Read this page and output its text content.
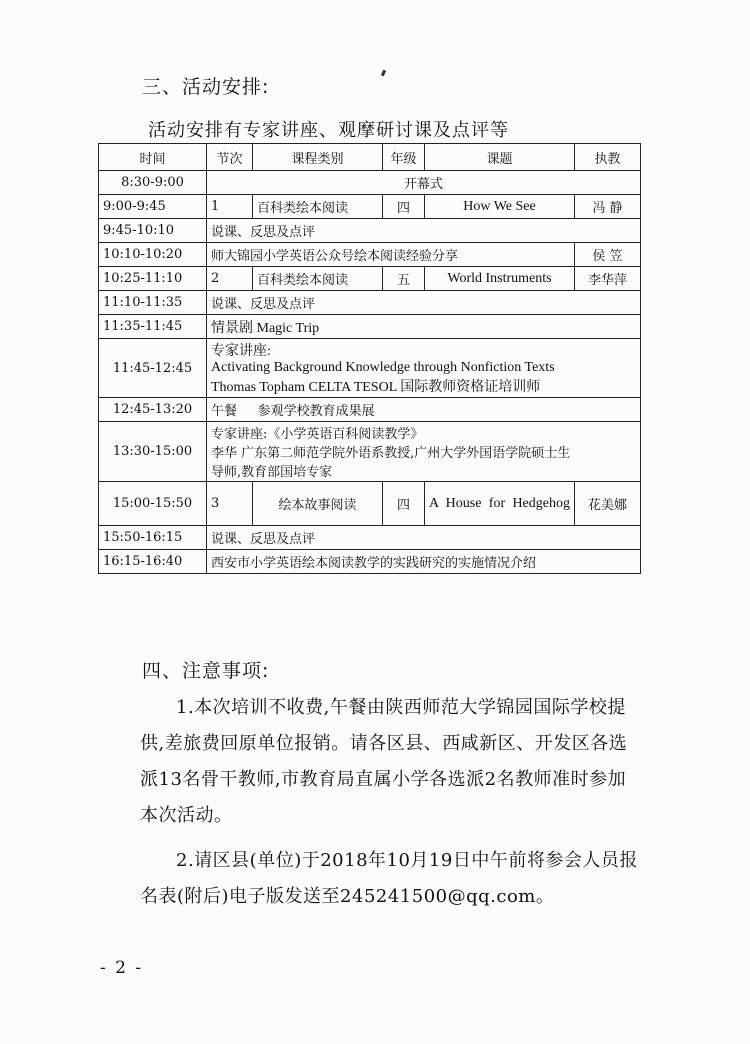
三、活动安排:
活动安排有专家讲座、观摩研讨课及点评等
时间	节次	课程类别	年级	课题	执教
8:30-9:00	开幕式				
9:00-9:45	1	百科类绘本阅读	四	How We See	冯 静
9:45-10:10	说课、反思及点评				
10:10-10:20	师大锦园小学英语公众号绘本阅读经验分享				侯 笠
10:25-11:10	2	百科类绘本阅读	五	World Instruments	李华萍
11:10-11:35	说课、反思及点评				
11:35-11:45	情景剧 Magic Trip				
11:45-12:45	专家讲座:
Activating Background Knowledge through Nonfiction Texts
Thomas Topham CELTA TESOL 国际教师资格证培训师				

12:45-13:20	午餐     参观学校教育成果展				
13:30-15:00	专家讲座:《小学英语百科阅读教学》
李华 广东第二师范学院外语系教授,广州大学外国语学院硕士生
导师,教育部国培专家				

15:00-15:50	3	绘本故事阅读	四	A House for Hedgehog	花美娜
15:50-16:15	说课、反思及点评				
16:15-16:40	西安市小学英语绘本阅读教学的实践研究的实施情况介绍				
四、注意事项:
1.本次培训不收费,午餐由陕西师范大学锦园国际学校提供,差旅费回原单位报销。请各区县、西咸新区、开发区各选派13名骨干教师,市教育局直属小学各选派2名教师准时参加本次活动。
2.请区县(单位)于2018年10月19日中午前将参会人员报名表(附后)电子版发送至245241500@qq.com。
- 2 -
